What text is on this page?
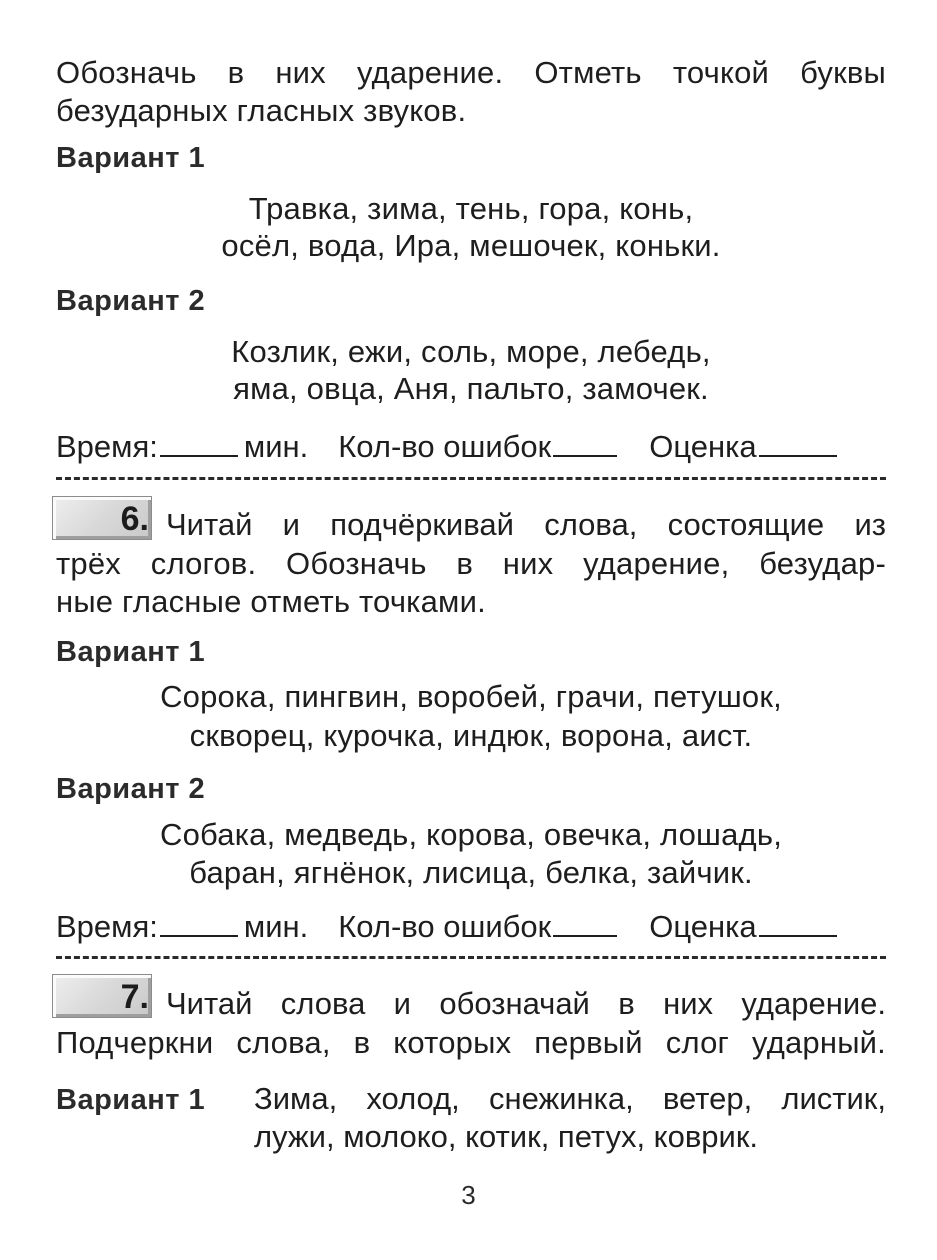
Обозначь в них ударение. Отметь точкой буквы
безударных гласных звуков.
Вариант 1
Травка, зима, тень, гора, конь,
осёл, вода, Ира, мешочек, коньки.
Вариант 2
Козлик, ежи, соль, море, лебедь,
яма, овца, Аня, пальто, замочек.
Время:	мин. Кол-во ошибок	Оценка
6. Читай и подчёркивай слова, состоящие из
трёх слогов. Обозначь в них ударение, безудар-
ные гласные отметь точками.
Вариант 1
Сорока, пингвин, воробей, грачи, петушок,
скворец, курочка, индюк, ворона, аист.
Вариант 2
Собака, медведь, корова, овечка, лошадь,
баран, ягнёнок, лисица, белка, зайчик.
Время:	мин. Кол-во ошибок	Оценка
7. Читай слова и обозначай в них ударение.
Подчеркни слова, в которых первый слог ударный.
Вариант 1 Зима, холод, снежинка, ветер, листик,
лужи, молоко, котик, петух, коврик.
3
